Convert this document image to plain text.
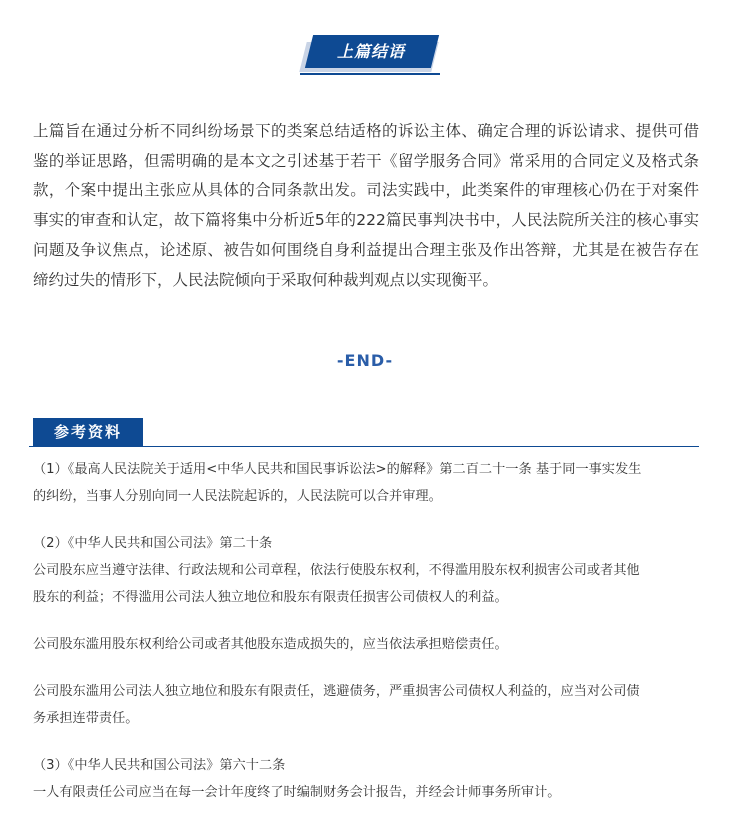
上篇结语

上篇旨在通过分析不同纠纷场景下的类案总结适格的诉讼主体、确定合理的诉讼请求、提供可借鉴的举证思路，但需明确的是本文之引述基于若干《留学服务合同》常采用的合同定义及格式条款，个案中提出主张应从具体的合同条款出发。司法实践中，此类案件的审理核心仍在于对案件事实的审查和认定，故下篇将集中分析近5年的222篇民事判决书中，人民法院所关注的核心事实问题及争议焦点，论述原、被告如何围绕自身利益提出合理主张及作出答辩，尤其是在被告存在缔约过失的情形下，人民法院倾向于采取何种裁判观点以实现衡平。

-END-
参考资料

（1）《最高人民法院关于适用<中华人民共和国民事诉讼法>的解释》第二百二十一条 基于同一事实发生

的纠纷，当事人分别向同一人民法院起诉的，人民法院可以合并审理。

（2）《中华人民共和国公司法》第二十条

公司股东应当遵守法律、行政法规和公司章程，依法行使股东权利，不得滥用股东权利损害公司或者其他

股东的利益；不得滥用公司法人独立地位和股东有限责任损害公司债权人的利益。

公司股东滥用股东权利给公司或者其他股东造成损失的，应当依法承担赔偿责任。

公司股东滥用公司法人独立地位和股东有限责任，逃避债务，严重损害公司债权人利益的，应当对公司债

务承担连带责任。

（3）《中华人民共和国公司法》第六十二条

一人有限责任公司应当在每一会计年度终了时编制财务会计报告，并经会计师事务所审计。
